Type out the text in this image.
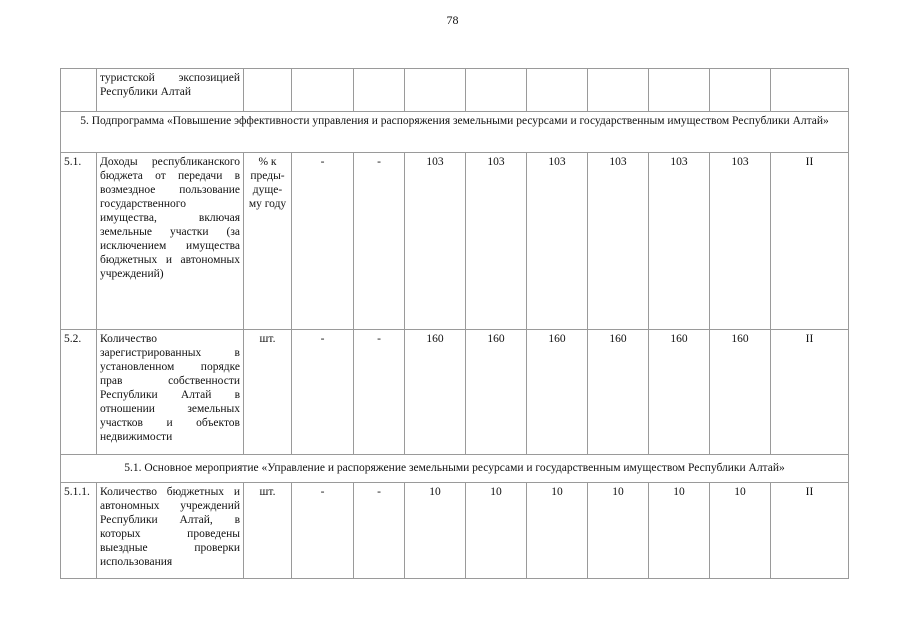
78
	туристской экспозицией Республики Алтай										
5. Подпрограмма «Повышение эффективности управления и распоряжения земельными ресурсами и государственным имуществом Республики Алтай»											
5.1.	Доходы республиканского бюджета от передачи в возмездное пользование государственного имущества, включая земельные участки (за исключением имущества бюджетных и автономных учреждений)	% к преды-дуще-му году	-	-	103	103	103	103	103	103	II
5.2.	Количество зарегистрированных в установленном порядке прав собственности Республики Алтай в отношении земельных участков и объектов недвижимости	шт.	-	-	160	160	160	160	160	160	II
5.1. Основное мероприятие «Управление и распоряжение земельными ресурсами и государственным имуществом Республики Алтай»											
5.1.1.	Количество бюджетных и автономных учреждений Республики Алтай, в которых проведены выездные проверки использования	шт.	-	-	10	10	10	10	10	10	II
